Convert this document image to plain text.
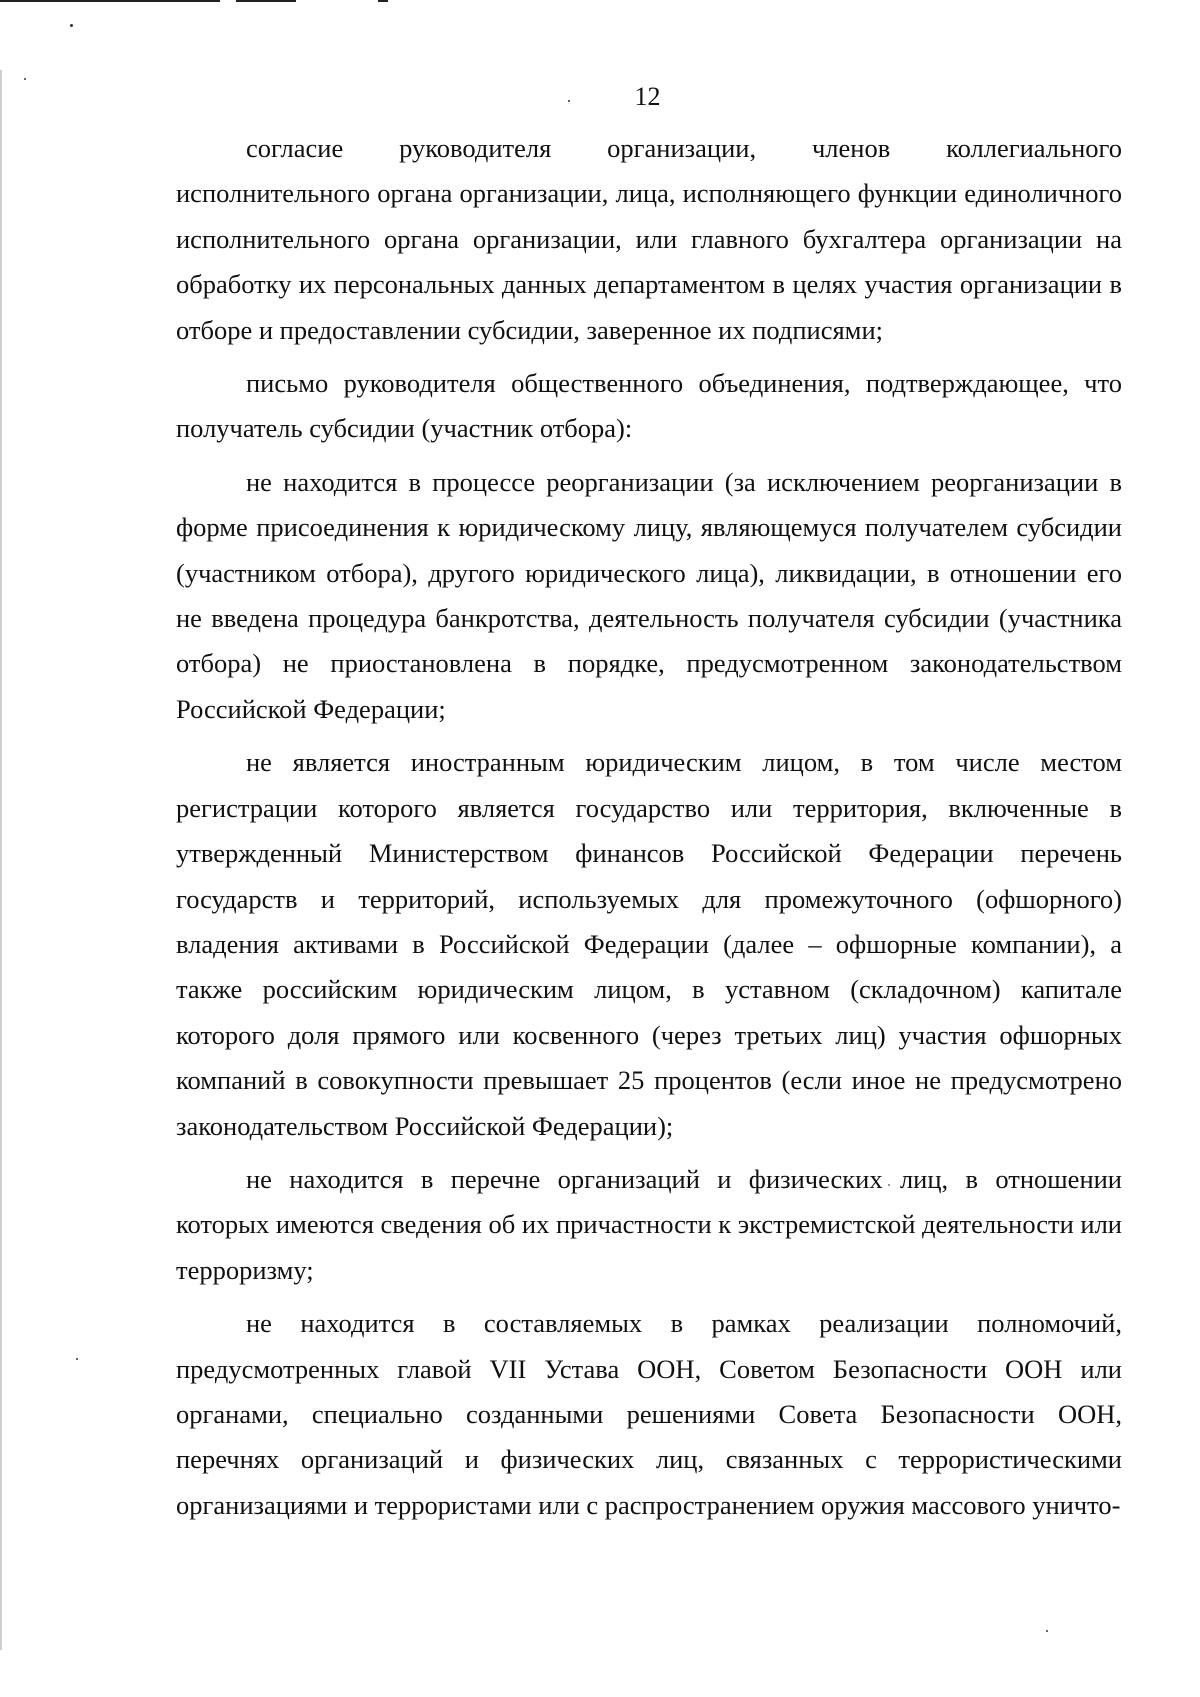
12

согласие руководителя организации, членов коллегиального исполнительного органа организации, лица, исполняющего функции единоличного исполнительного органа организации, или главного бухгалтера организации на обработку их персональных данных департаментом в целях участия организации в отборе и предоставлении субсидии, заверенное их подписями;

письмо руководителя общественного объединения, подтверждающее, что получатель субсидии (участник отбора):

не находится в процессе реорганизации (за исключением реорганизации в форме присоединения к юридическому лицу, являющемуся получателем субсидии (участником отбора), другого юридического лица), ликвидации, в отношении его не введена процедура банкротства, деятельность получателя субсидии (участника отбора) не приостановлена в порядке, предусмотренном законодательством Российской Федерации;

не является иностранным юридическим лицом, в том числе местом регистрации которого является государство или территория, включенные в утвержденный Министерством финансов Российской Федерации перечень государств и территорий, используемых для промежуточного (офшорного) владения активами в Российской Федерации (далее – офшорные компании), а также российским юридическим лицом, в уставном (складочном) капитале которого доля прямого или косвенного (через третьих лиц) участия офшорных компаний в совокупности превышает 25 процентов (если иное не предусмотрено законодательством Российской Федерации);

не находится в перечне организаций и физических лиц, в отношении которых имеются сведения об их причастности к экстремистской деятельности или терроризму;

не находится в составляемых в рамках реализации полномочий, предусмотренных главой VII Устава ООН, Советом Безопасности ООН или органами, специально созданными решениями Совета Безопасности ООН, перечнях организаций и физических лиц, связанных с террористическими организациями и террористами или с распространением оружия массового уничто-
